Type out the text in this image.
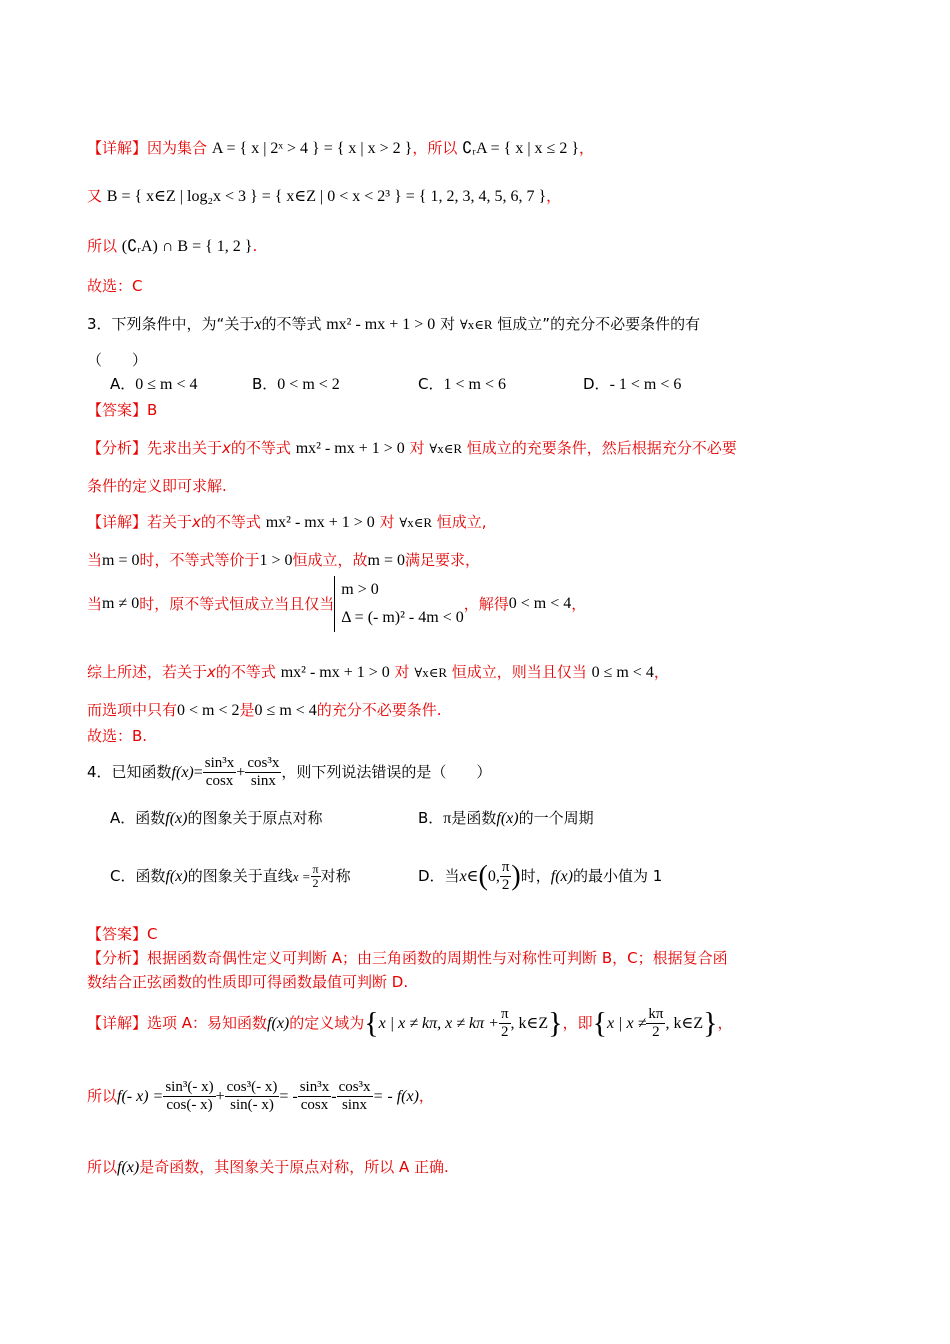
【详解】因为集合 A = { x | 2ˣ > 4 } = { x | x > 2 }，所以 ∁ᵣA = { x | x ≤ 2 }，
又 B = { x∈Z | log₂x < 3 } = { x∈Z | 0 < x < 2³ } = { 1, 2, 3, 4, 5, 6, 7 }，
所以 (∁ᵣA) ∩ B = { 1, 2 }.
故选：C
3．下列条件中，为“关于x的不等式 mx² - mx + 1 > 0 对 ∀x∈R 恒成立”的充分不必要条件的有
（　　）
A．0 ≤ m < 4	B．0 < m < 2	C．1 < m < 6	D．- 1 < m < 6
【答案】B
【分析】先求出关于x的不等式 mx² - mx + 1 > 0 对 ∀x∈R 恒成立的充要条件，然后根据充分不必要
条件的定义即可求解.
【详解】若关于x的不等式 mx² - mx + 1 > 0 对 ∀x∈R 恒成立,
当m = 0时，不等式等价于1 > 0恒成立，故m = 0满足要求，
当m ≠ 0时，原不等式恒成立当且仅当
m > 0
Δ = (- m)² - 4m < 0
，解得0 < m < 4，
综上所述，若关于x的不等式 mx² - mx + 1 > 0 对 ∀x∈R 恒成立，则当且仅当 0 ≤ m < 4，
而选项中只有0 < m < 2是0 ≤ m < 4的充分不必要条件.
故选：B.
4．已知函数$f(x)= \frac{\text{sin³x}}{\cos x} + \frac{\text{cos³x}}{\sin x}$ ，则下列说法错误的是（　　）
A．函数f(x)的图象关于原点对称	B．π是函数f(x)的一个周期
C．函数f(x)的图象关于直线$x = \frac{\pi}{2}$ 对称	D．当x∈(0, $\frac{\pi}{2}$ )时，f(x)的最小值为 1
【答案】C
【分析】根据函数奇偶性定义可判断 A；由三角函数的周期性与对称性可判断 B，C；根据复合函
数结合正弦函数的性质即可得函数最值可判断 D.
【详解】选项 A：易知函数f(x)的定义域为{x | x ≠ kπ, $x \ne k\pi + \frac{\pi}{2}$ , k∈Z}，即{x | $x \ne \frac{k\pi}{2}$ , k∈Z}，
所以f(- $x) = \frac{\text{sin³(- x)}}{\cos(- x)} + \frac{\text{cos³(- x)}}{\sin(- x)}$ = - $\frac{\text{sin³x}}{\cos x} - \frac{\text{cos³x}}{\sin x}$ = - f(x)，
所以f(x)是奇函数，其图象关于原点对称，所以 A 正确.
